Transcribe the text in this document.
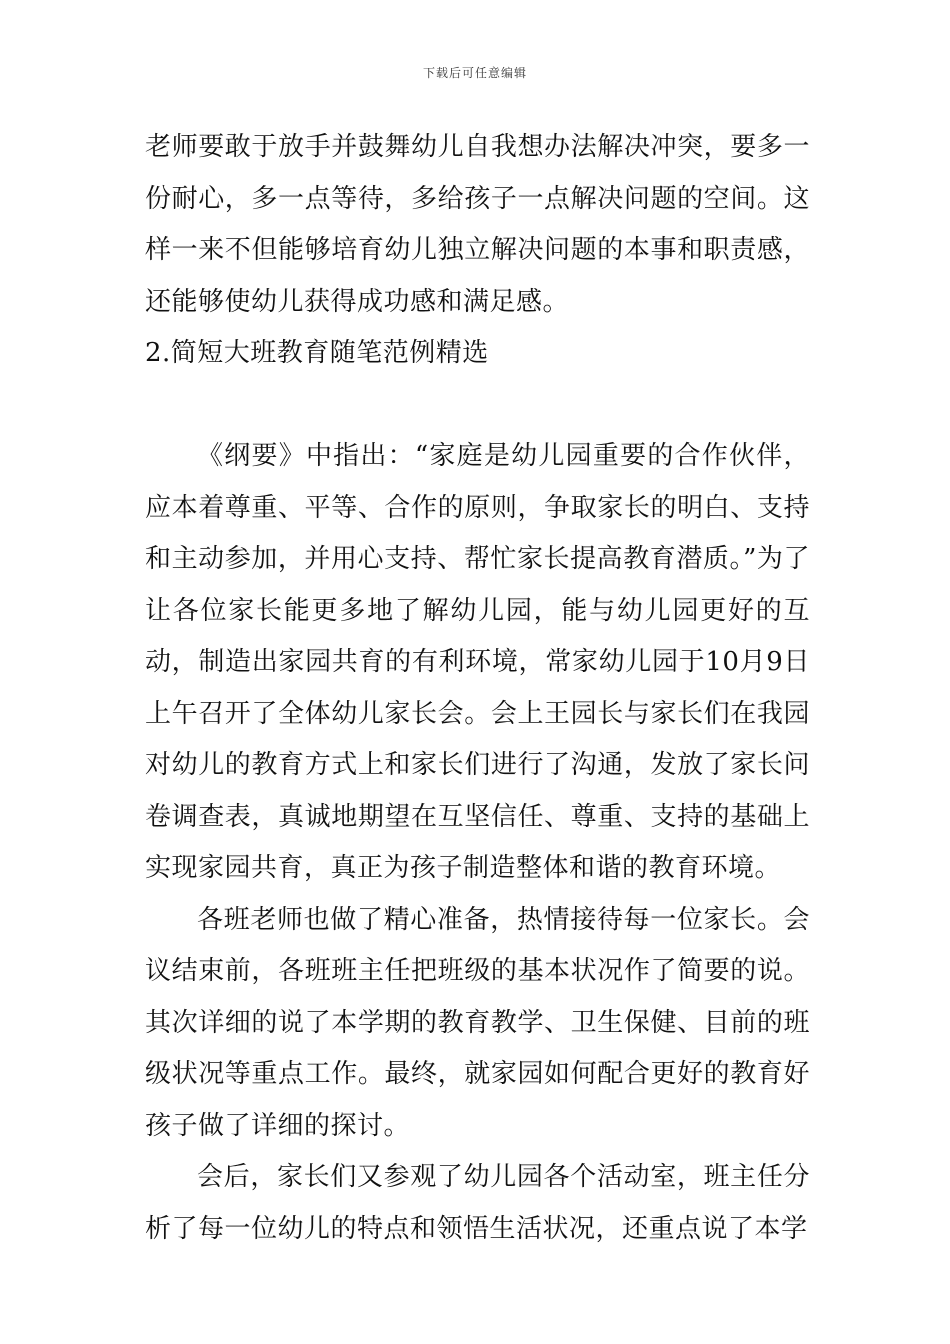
下载后可任意编辑

老师要敢于放手并鼓舞幼儿自我想办法解决冲突，要多一份耐心，多一点等待，多给孩子一点解决问题的空间。这样一来不但能够培育幼儿独立解决问题的本事和职责感，还能够使幼儿获得成功感和满足感。

2.简短大班教育随笔范例精选

《纲要》中指出：“家庭是幼儿园重要的合作伙伴，应本着尊重、平等、合作的原则，争取家长的明白、支持和主动参加，并用心支持、帮忙家长提高教育潜质。”为了让各位家长能更多地了解幼儿园，能与幼儿园更好的互动，制造出家园共育的有利环境，常家幼儿园于10月9日上午召开了全体幼儿家长会。会上王园长与家长们在我园对幼儿的教育方式上和家长们进行了沟通，发放了家长问卷调查表，真诚地期望在互坚信任、尊重、支持的基础上实现家园共育，真正为孩子制造整体和谐的教育环境。

各班老师也做了精心准备，热情接待每一位家长。会议结束前，各班班主任把班级的基本状况作了简要的说。其次详细的说了本学期的教育教学、卫生保健、目前的班级状况等重点工作。最终，就家园如何配合更好的教育好孩子做了详细的探讨。

会后，家长们又参观了幼儿园各个活动室，班主任分析了每一位幼儿的特点和领悟生活状况，还重点说了本学
